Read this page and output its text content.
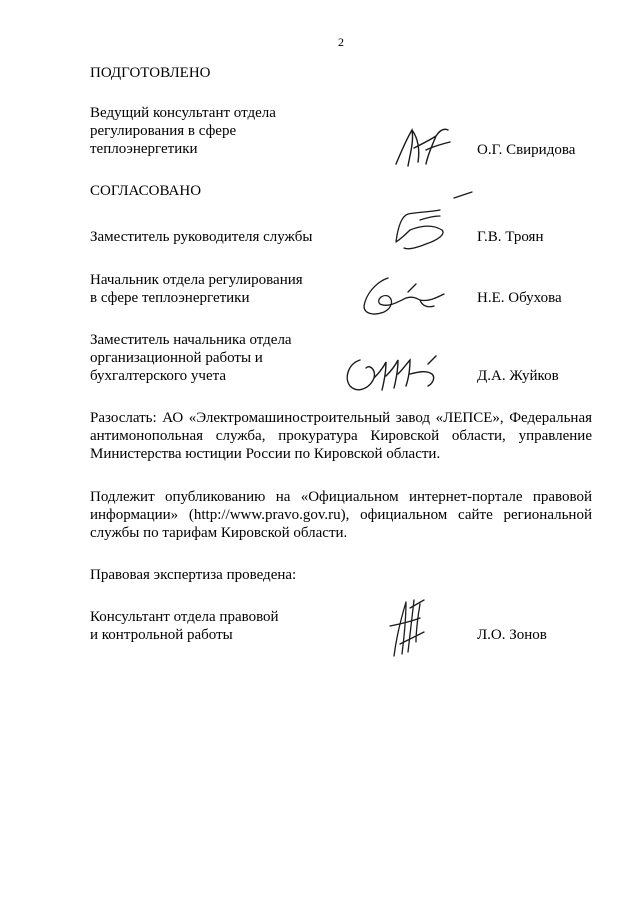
2
ПОДГОТОВЛЕНО
Ведущий консультант отдела
регулирования в сфере
теплоэнергетики	О.Г. Свиридова
СОГЛАСОВАНО
Заместитель руководителя службы	Г.В. Троян
Начальник отдела регулирования
в сфере теплоэнергетики	Н.Е. Обухова
Заместитель начальника отдела
организационной работы и
бухгалтерского учета	Д.А. Жуйков
Разослать: АО «Электромашиностроительный завод «ЛЕПСЕ», Федеральная
антимонопольная служба, прокуратура Кировской области, управление
Министерства юстиции России по Кировской области.
Подлежит опубликованию на «Официальном интернет-портале правовой
информации» (http://www.pravo.gov.ru), официальном сайте региональной
службы по тарифам Кировской области.
Правовая экспертиза проведена:
Консультант отдела правовой
и контрольной работы	Л.О. Зонов
